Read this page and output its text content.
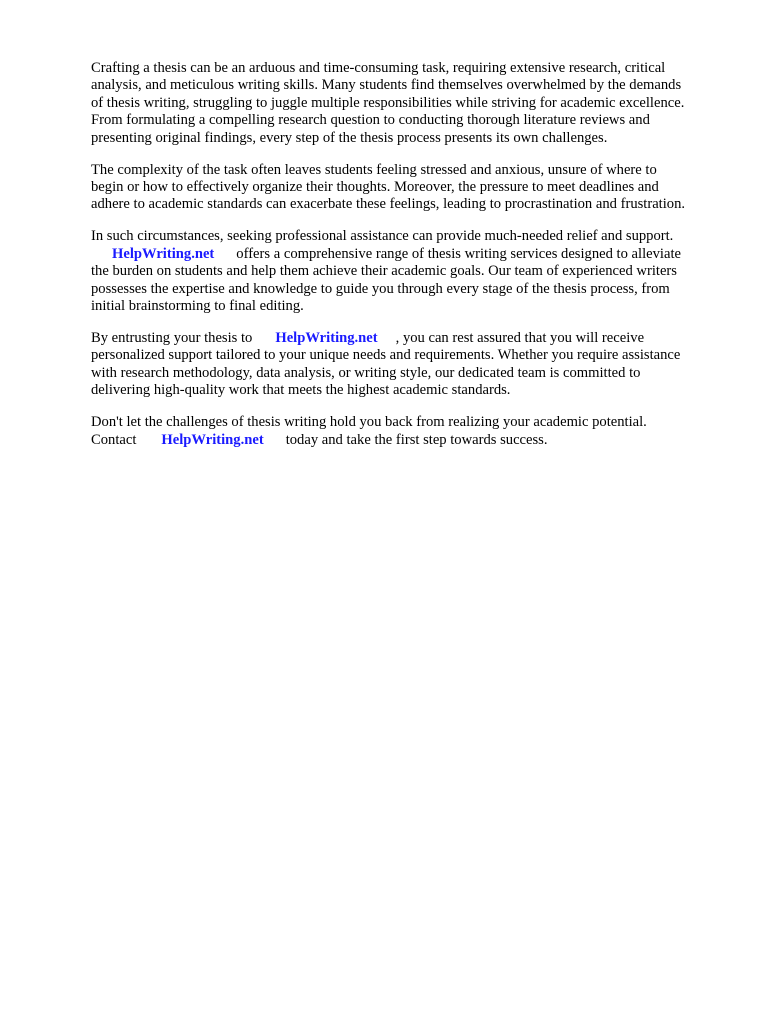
Crafting a thesis can be an arduous and time-consuming task, requiring extensive research, critical
analysis, and meticulous writing skills. Many students find themselves overwhelmed by the demands
of thesis writing, struggling to juggle multiple responsibilities while striving for academic excellence.
From formulating a compelling research question to conducting thorough literature reviews and
presenting original findings, every step of the thesis process presents its own challenges.
The complexity of the task often leaves students feeling stressed and anxious, unsure of where to
begin or how to effectively organize their thoughts. Moreover, the pressure to meet deadlines and
adhere to academic standards can exacerbate these feelings, leading to procrastination and frustration.
In such circumstances, seeking professional assistance can provide much-needed relief and support.
HelpWriting.net offers a comprehensive range of thesis writing services designed to alleviate
the burden on students and help them achieve their academic goals. Our team of experienced writers
possesses the expertise and knowledge to guide you through every stage of the thesis process, from
initial brainstorming to final editing.
By entrusting your thesis to HelpWriting.net , you can rest assured that you will receive
personalized support tailored to your unique needs and requirements. Whether you require assistance
with research methodology, data analysis, or writing style, our dedicated team is committed to
delivering high-quality work that meets the highest academic standards.
Don't let the challenges of thesis writing hold you back from realizing your academic potential.
Contact HelpWriting.net today and take the first step towards success.
